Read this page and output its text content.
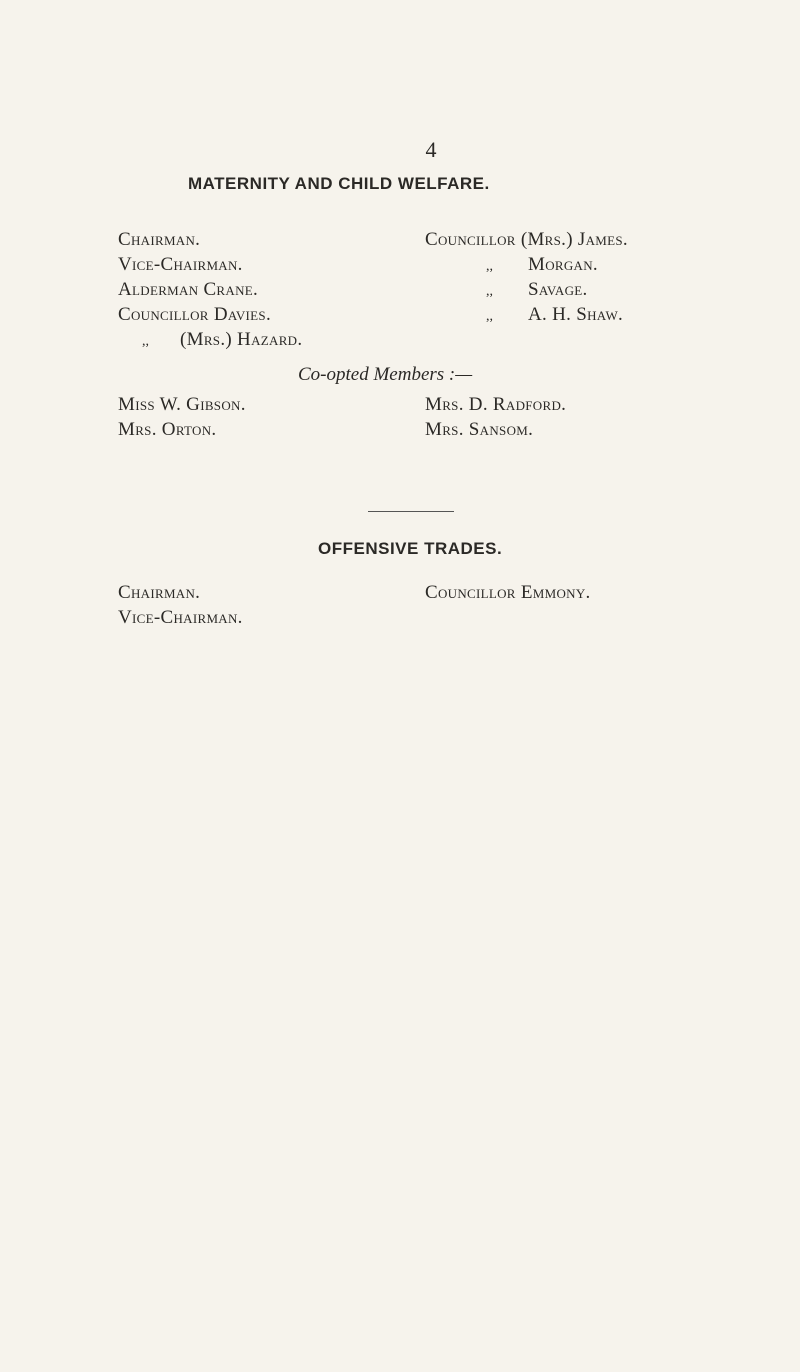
4
MATERNITY AND CHILD WELFARE.
Chairman.
Vice-Chairman.
Alderman Crane.
Councillor Davies.
,, (Mrs.) Hazard.
Councillor (Mrs.) James.
,, Morgan.
,, Savage.
,, A. H. Shaw.
Co-opted Members :—
Miss W. Gibson.
Mrs. Orton.
Mrs. D. Radford.
Mrs. Sansom.
OFFENSIVE TRADES.
Chairman.
Vice-Chairman.
Councillor Emmony.
